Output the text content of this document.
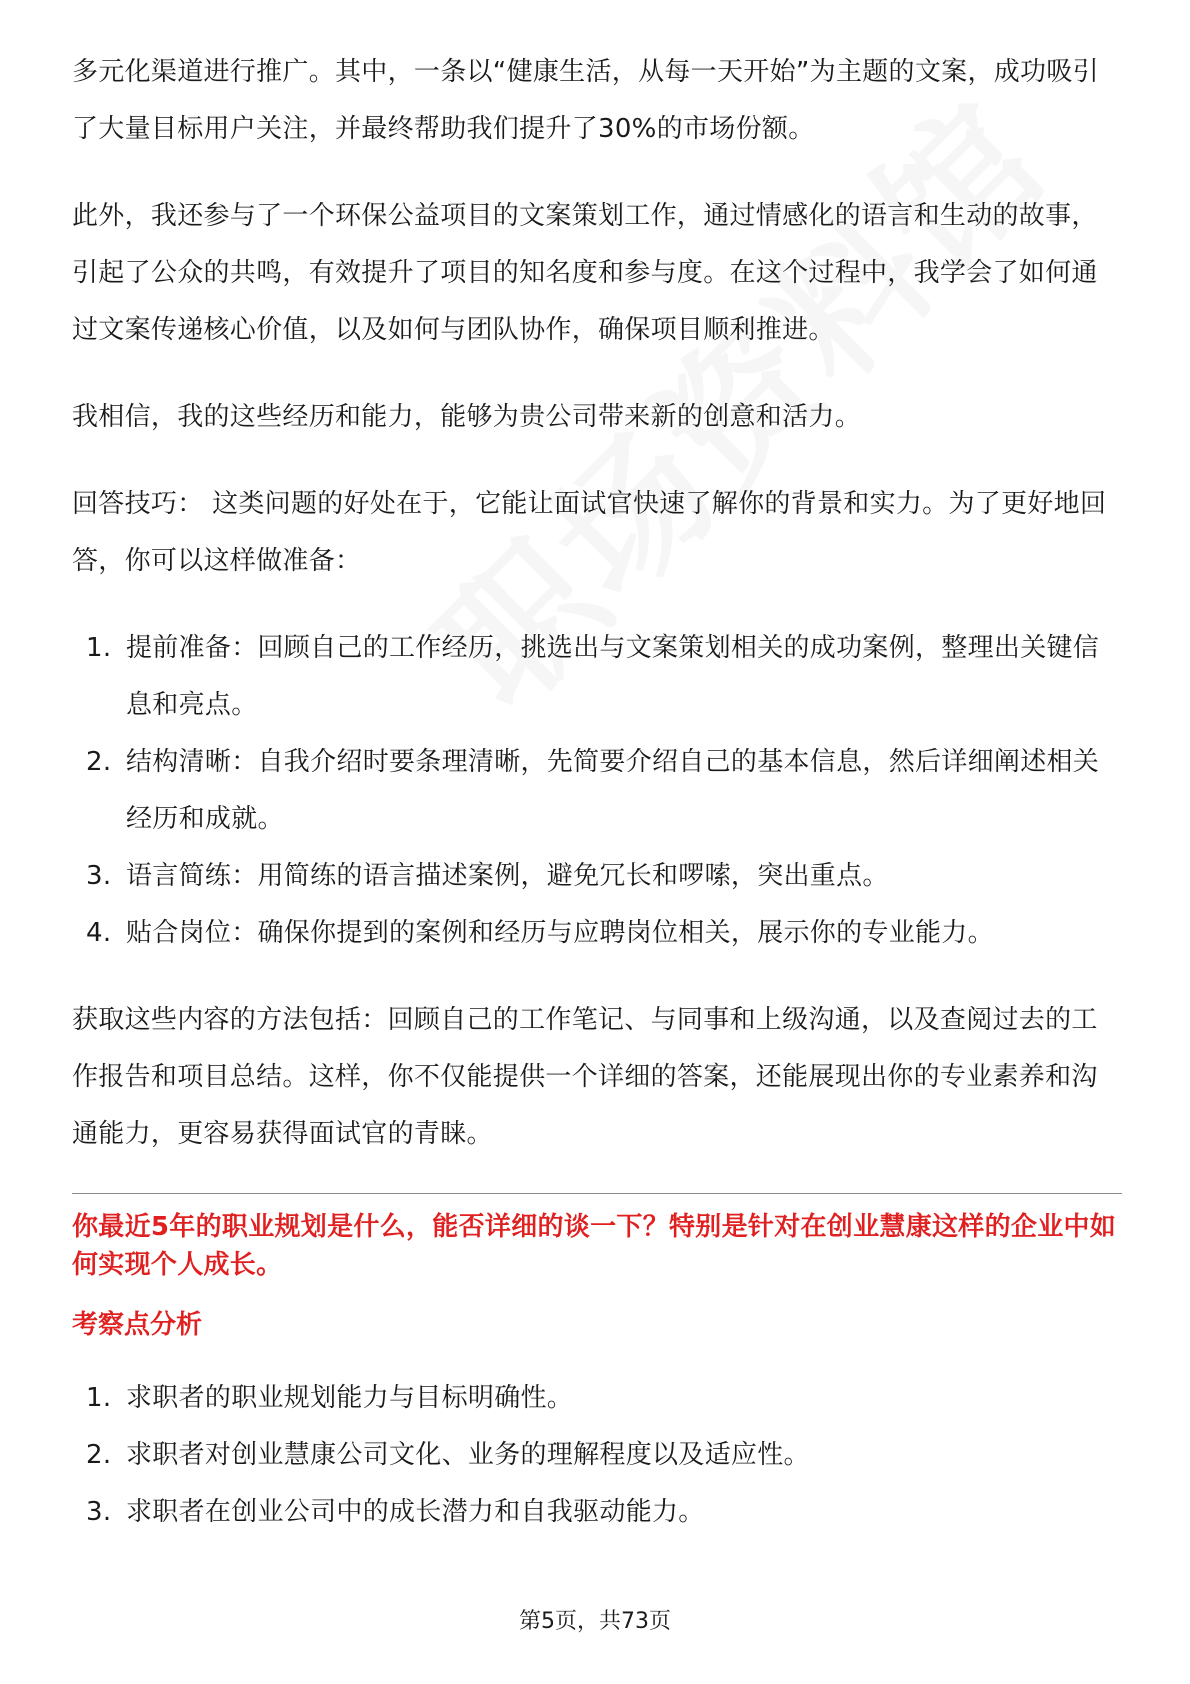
多元化渠道进行推广。其中，一条以“健康生活，从每一天开始”为主题的文案，成功吸引了大量目标用户关注，并最终帮助我们提升了30%的市场份额。

此外，我还参与了一个环保公益项目的文案策划工作，通过情感化的语言和生动的故事，引起了公众的共鸣，有效提升了项目的知名度和参与度。在这个过程中，我学会了如何通过文案传递核心价值，以及如何与团队协作，确保项目顺利推进。

我相信，我的这些经历和能力，能够为贵公司带来新的创意和活力。

回答技巧： 这类问题的好处在于，它能让面试官快速了解你的背景和实力。为了更好地回答，你可以这样做准备：

1. 提前准备：回顾自己的工作经历，挑选出与文案策划相关的成功案例，整理出关键信息和亮点。
2. 结构清晰：自我介绍时要条理清晰，先简要介绍自己的基本信息，然后详细阐述相关经历和成就。
3. 语言简练：用简练的语言描述案例，避免冗长和啰嗦，突出重点。
4. 贴合岗位：确保你提到的案例和经历与应聘岗位相关，展示你的专业能力。

获取这些内容的方法包括：回顾自己的工作笔记、与同事和上级沟通，以及查阅过去的工作报告和项目总结。这样，你不仅能提供一个详细的答案，还能展现出你的专业素养和沟通能力，更容易获得面试官的青睐。

你最近5年的职业规划是什么，能否详细的谈一下？特别是针对在创业慧康这样的企业中如何实现个人成长。
考察点分析
1. 求职者的职业规划能力与目标明确性。
2. 求职者对创业慧康公司文化、业务的理解程度以及适应性。
3. 求职者在创业公司中的成长潜力和自我驱动能力。
第5页，共73页
